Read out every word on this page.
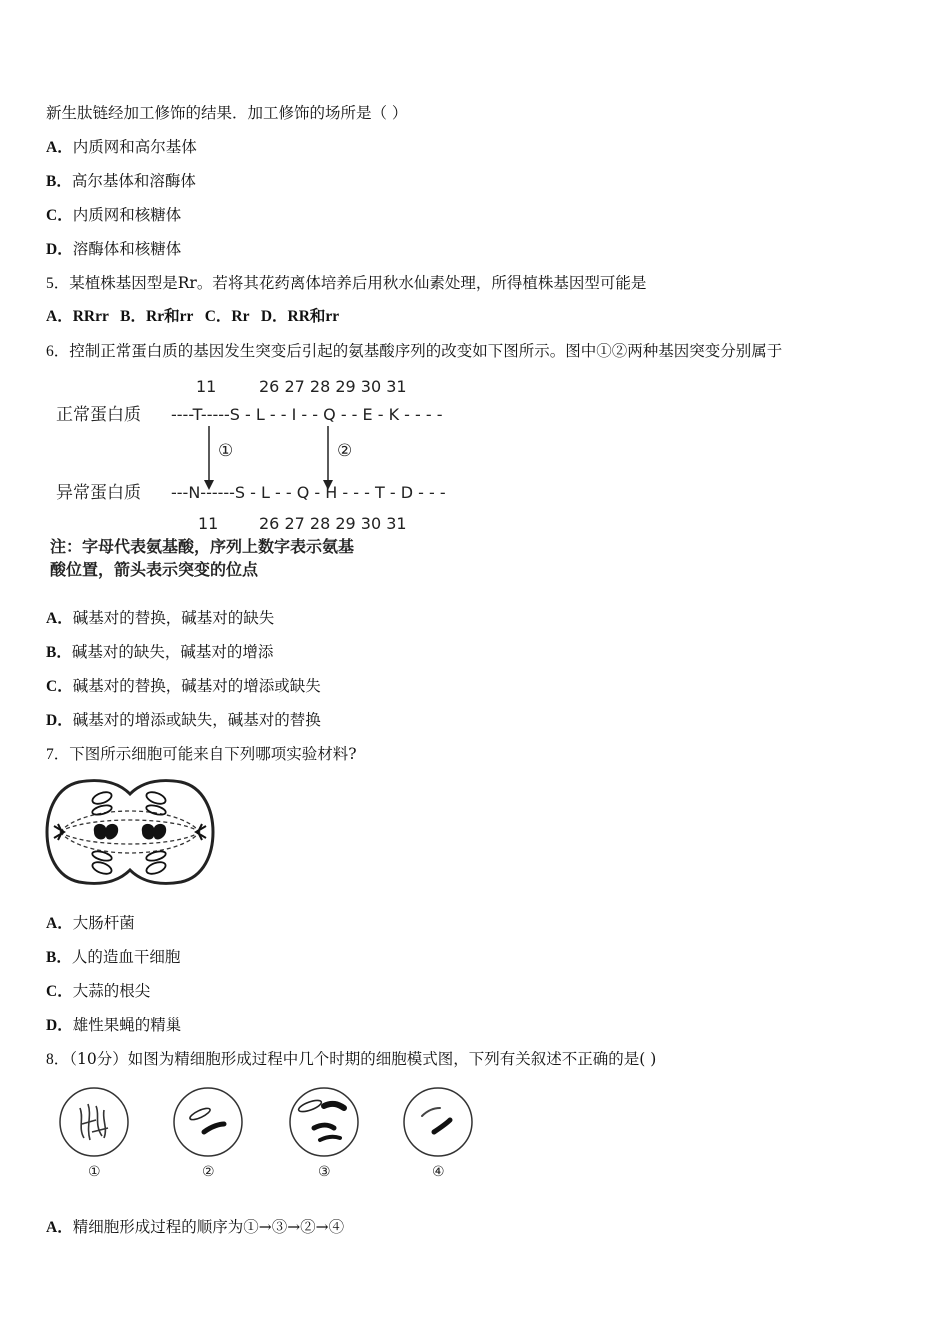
新生肽链经加工修饰的结果．加工修饰的场所是（ ）
A．内质网和高尔基体
B．高尔基体和溶酶体
C．内质网和核糖体
D．溶酶体和核糖体
5．某植株基因型是Rr。若将其花药离体培养后用秋水仙素处理，所得植株基因型可能是
A．RRrr   B．Rr和rr   C．Rr   D．RR和rr
6．控制正常蛋白质的基因发生突变后引起的氨基酸序列的改变如下图所示。图中①②两种基因突变分别属于
11	26 27 28 29 30 31
正常蛋白质 ----T-----S - L - - I - - Q - - E - K - - - -
①	②
异常蛋白质 ---N------S - L - - Q - H - - - T - D - - -
11	26 27 28 29 30 31
注：字母代表氨基酸，序列上数字表示氨基
酸位置，箭头表示突变的位点
A．碱基对的替换，碱基对的缺失
B．碱基对的缺失，碱基对的增添
C．碱基对的替换，碱基对的增添或缺失
D．碱基对的增添或缺失，碱基对的替换
7．下图所示细胞可能来自下列哪项实验材料?
A．大肠杆菌
B．人的造血干细胞
C．大蒜的根尖
D．雄性果蝇的精巢
8．（10分）如图为精细胞形成过程中几个时期的细胞模式图，下列有关叙述不正确的是( )
①	②	③	④
A．精细胞形成过程的顺序为①→③→②→④
